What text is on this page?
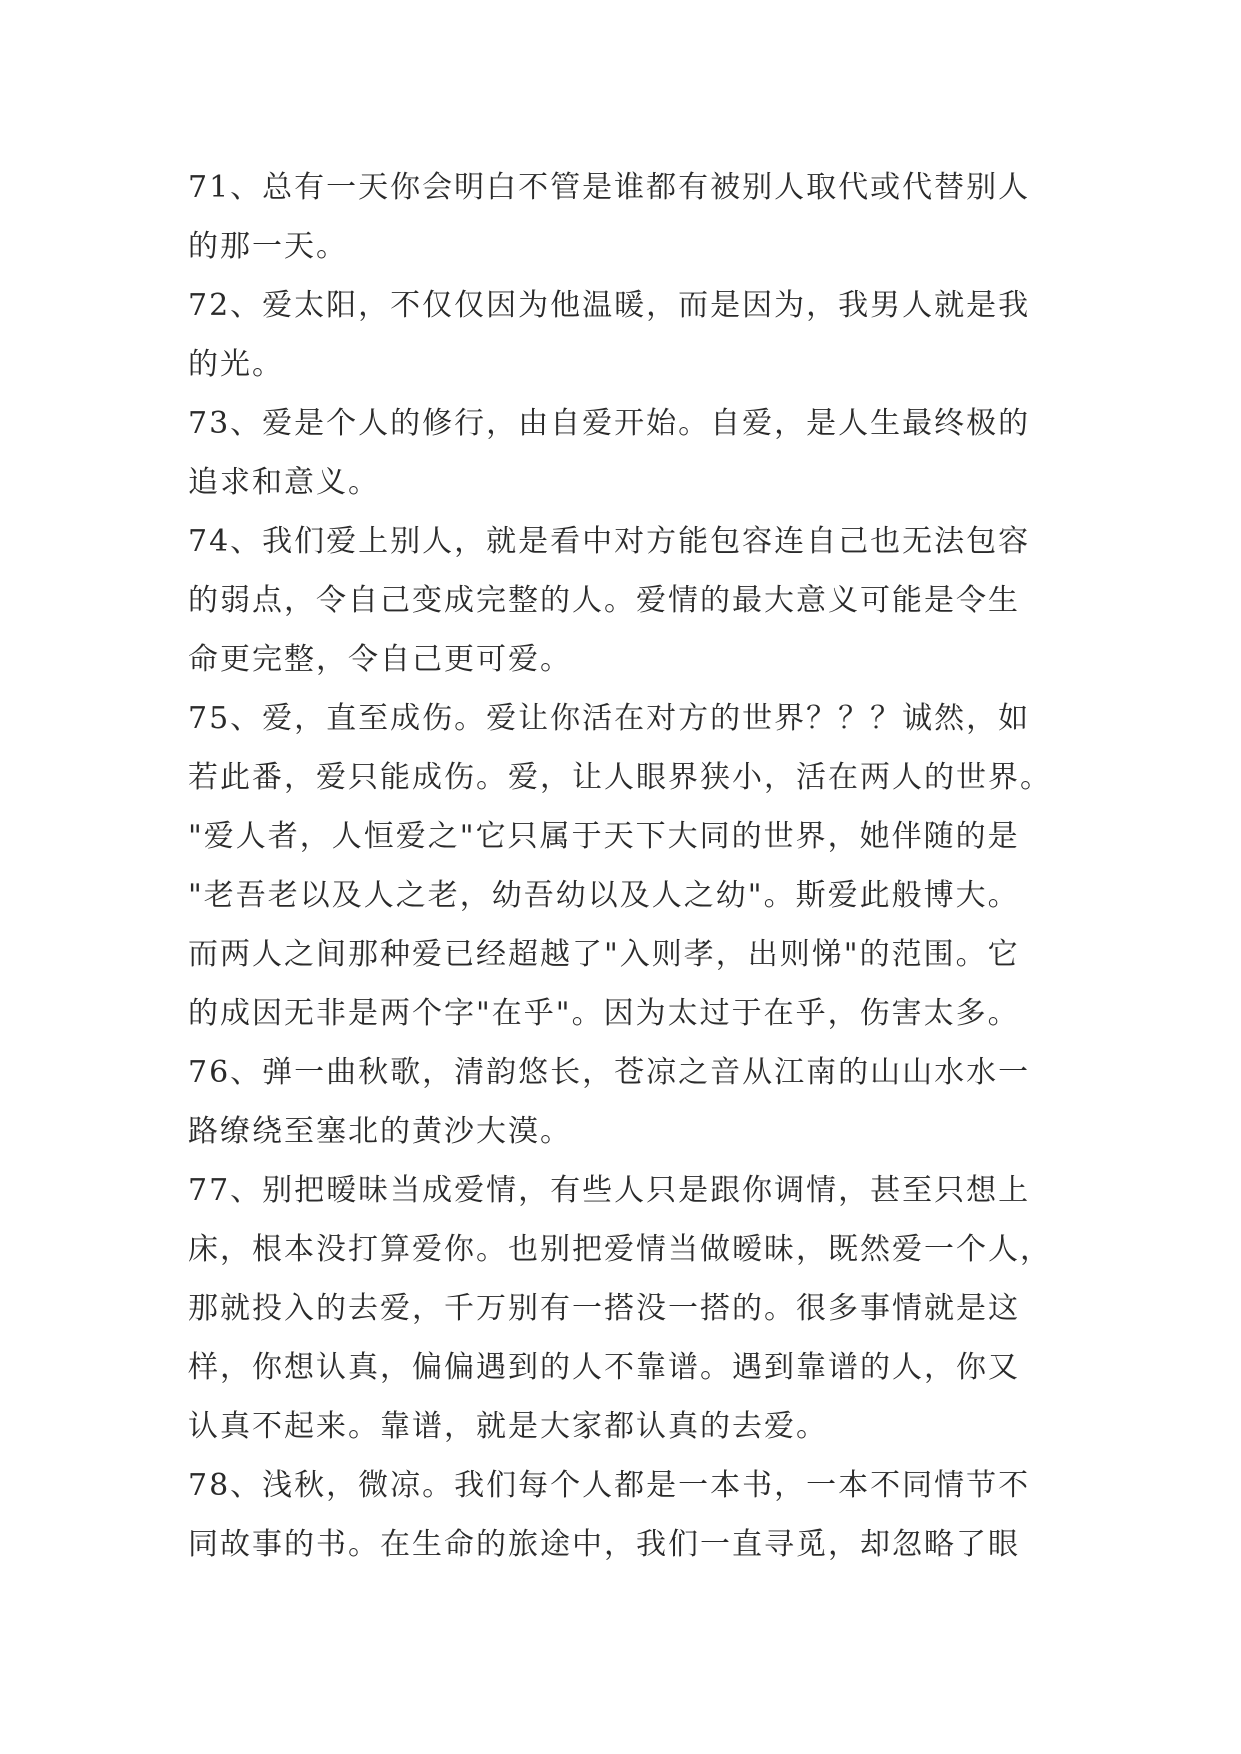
71、总有一天你会明白不管是谁都有被别人取代或代替别人
的那一天。
72、爱太阳，不仅仅因为他温暖，而是因为，我男人就是我
的光。
73、爱是个人的修行，由自爱开始。自爱，是人生最终极的
追求和意义。
74、我们爱上别人，就是看中对方能包容连自己也无法包容
的弱点，令自己变成完整的人。爱情的最大意义可能是令生
命更完整，令自己更可爱。
75、爱，直至成伤。爱让你活在对方的世界？？？诚然，如
若此番，爱只能成伤。爱，让人眼界狭小，活在两人的世界。
"爱人者，人恒爱之"它只属于天下大同的世界，她伴随的是
"老吾老以及人之老，幼吾幼以及人之幼"。斯爱此般博大。
而两人之间那种爱已经超越了"入则孝，出则悌"的范围。它
的成因无非是两个字"在乎"。因为太过于在乎，伤害太多。
76、弹一曲秋歌，清韵悠长，苍凉之音从江南的山山水水一
路缭绕至塞北的黄沙大漠。
77、别把暧昧当成爱情，有些人只是跟你调情，甚至只想上
床，根本没打算爱你。也别把爱情当做暧昧，既然爱一个人，
那就投入的去爱，千万别有一搭没一搭的。很多事情就是这
样，你想认真，偏偏遇到的人不靠谱。遇到靠谱的人，你又
认真不起来。靠谱，就是大家都认真的去爱。
78、浅秋，微凉。我们每个人都是一本书，一本不同情节不
同故事的书。在生命的旅途中，我们一直寻觅，却忽略了眼
